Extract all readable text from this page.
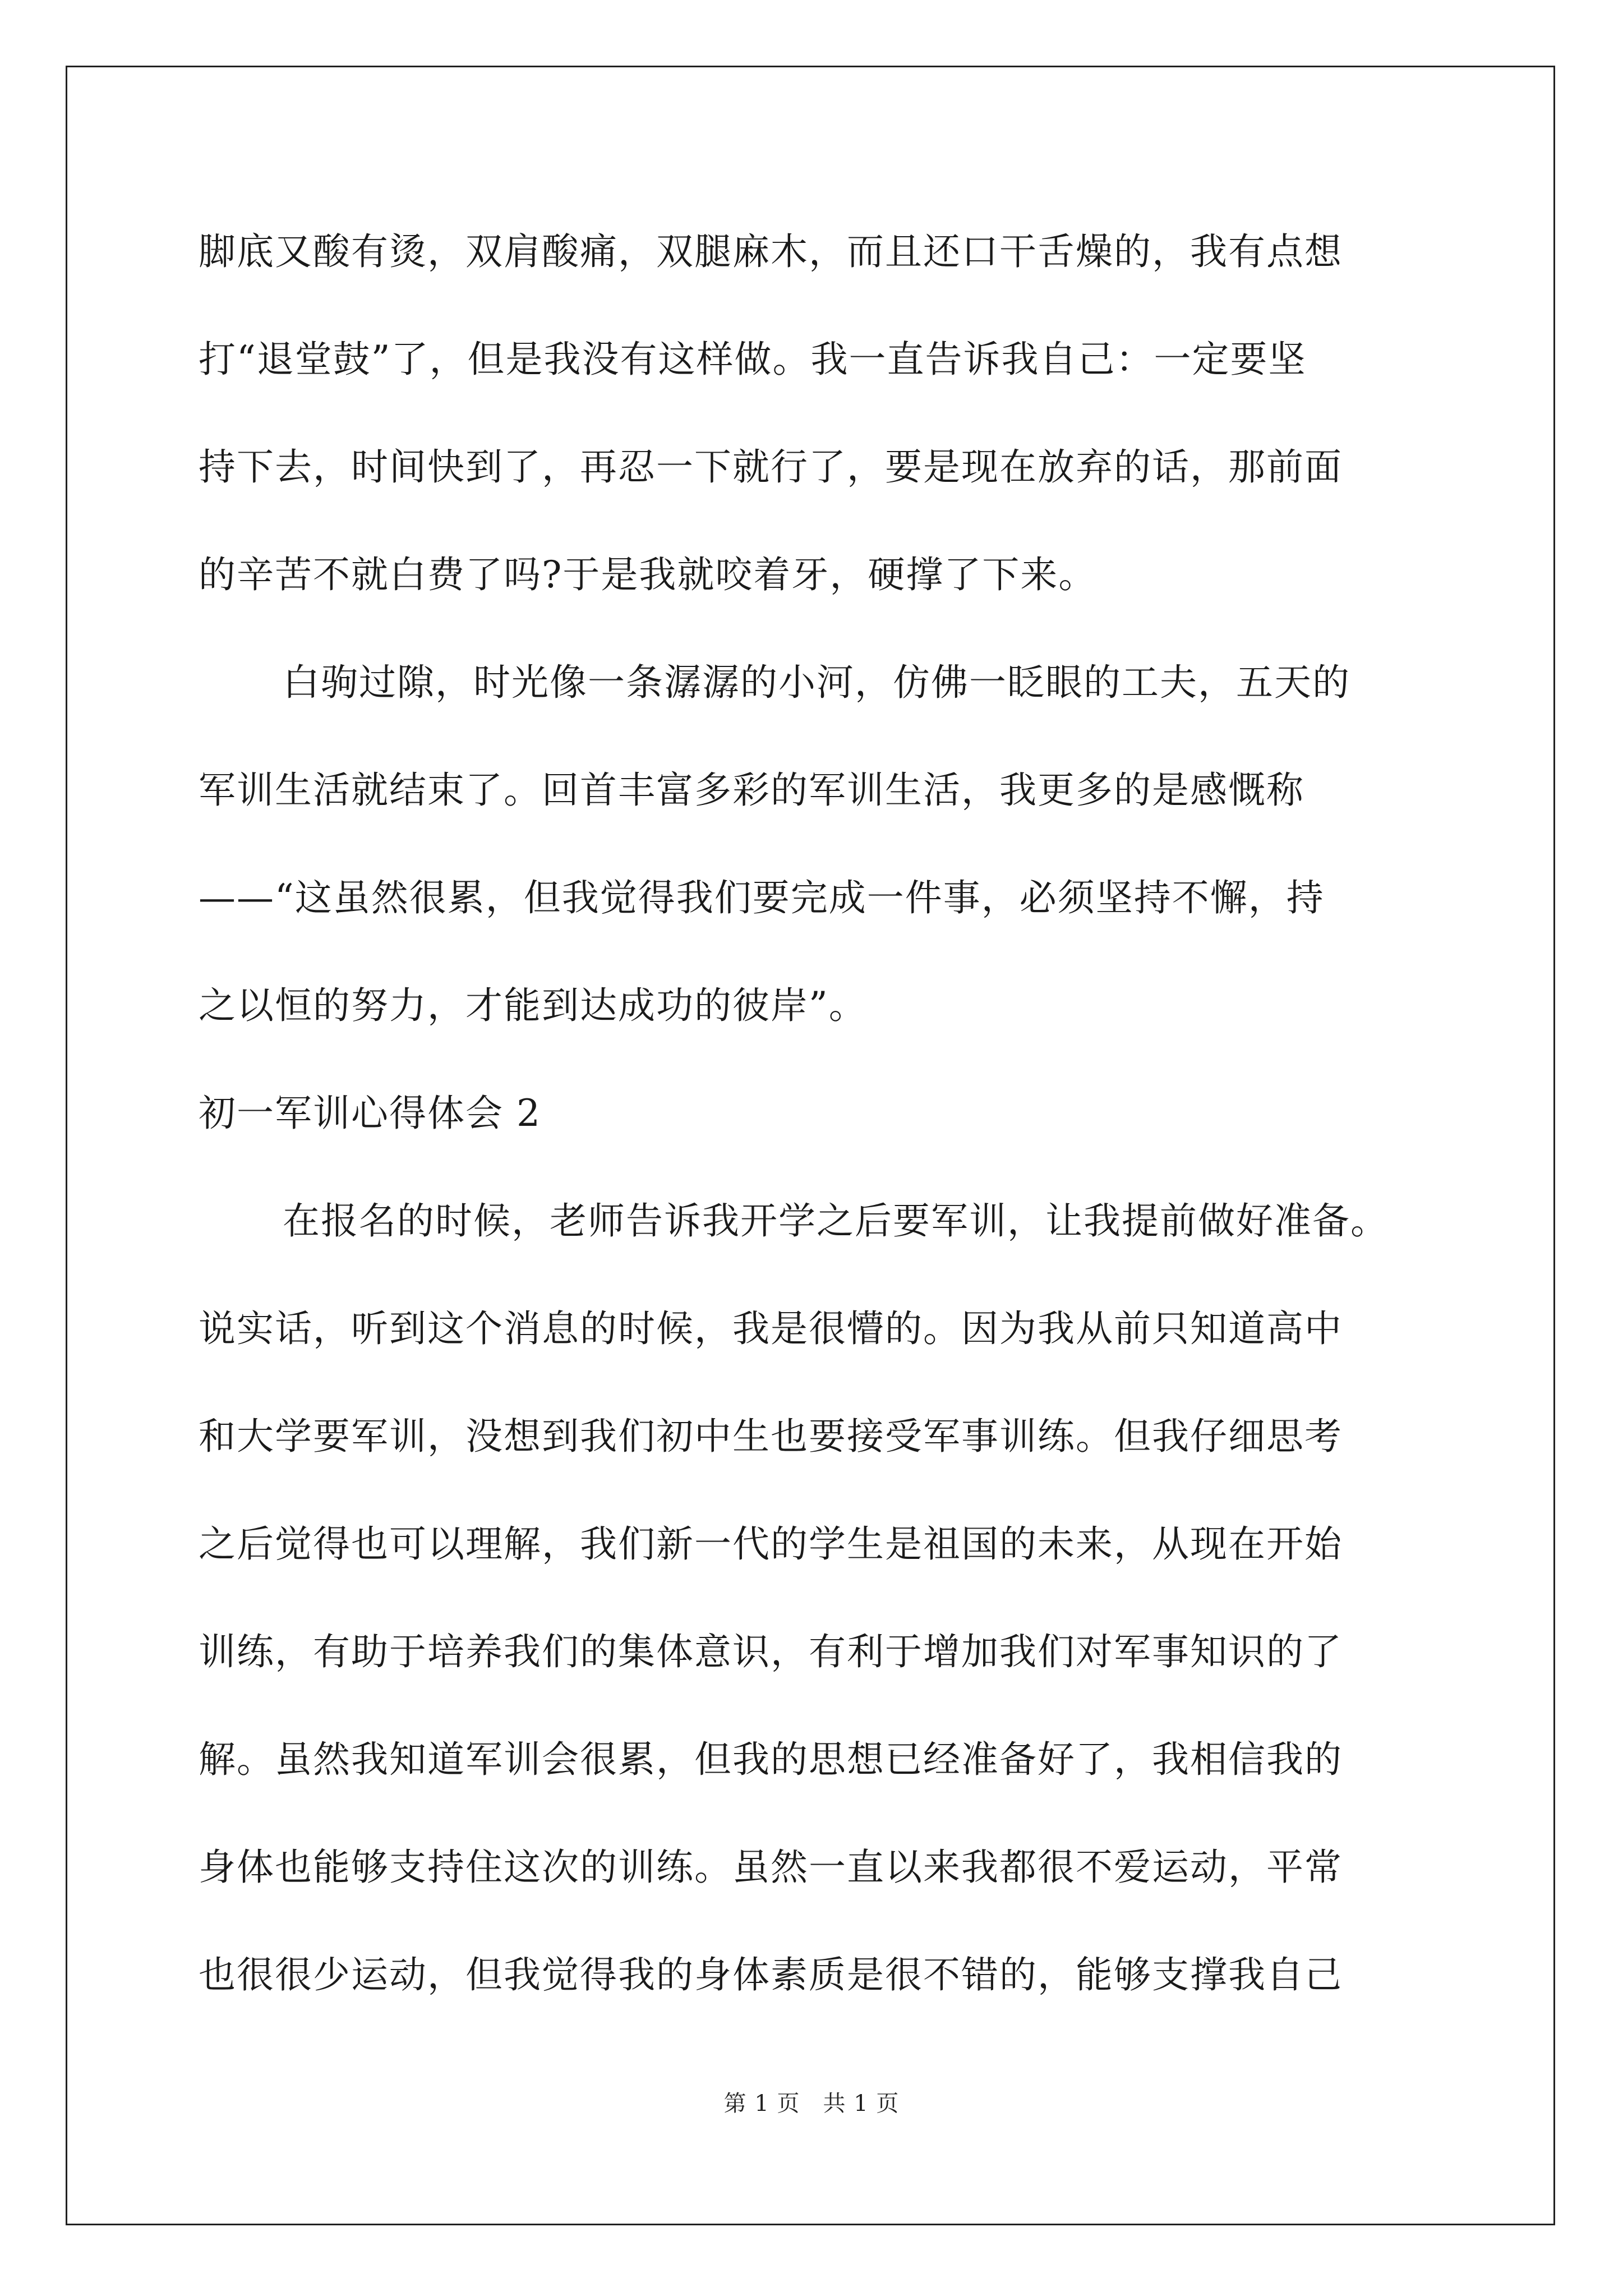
脚底又酸有烫，双肩酸痛，双腿麻木，而且还口干舌燥的，我有点想
打“退堂鼓”了，但是我没有这样做。我一直告诉我自己：一定要坚
持下去，时间快到了，再忍一下就行了，要是现在放弃的话，那前面
的辛苦不就白费了吗?于是我就咬着牙，硬撑了下来。
白驹过隙，时光像一条潺潺的小河，仿佛一眨眼的工夫，五天的
军训生活就结束了。回首丰富多彩的军训生活，我更多的是感慨称
——“这虽然很累，但我觉得我们要完成一件事，必须坚持不懈，持
之以恒的努力，才能到达成功的彼岸”。
初一军训心得体会 2
在报名的时候，老师告诉我开学之后要军训，让我提前做好准备。
说实话，听到这个消息的时候，我是很懵的。因为我从前只知道高中
和大学要军训，没想到我们初中生也要接受军事训练。但我仔细思考
之后觉得也可以理解，我们新一代的学生是祖国的未来，从现在开始
训练，有助于培养我们的集体意识，有利于增加我们对军事知识的了
解。虽然我知道军训会很累，但我的思想已经准备好了，我相信我的
身体也能够支持住这次的训练。虽然一直以来我都很不爱运动，平常
也很很少运动，但我觉得我的身体素质是很不错的，能够支撑我自己
第 1 页　共 1 页
